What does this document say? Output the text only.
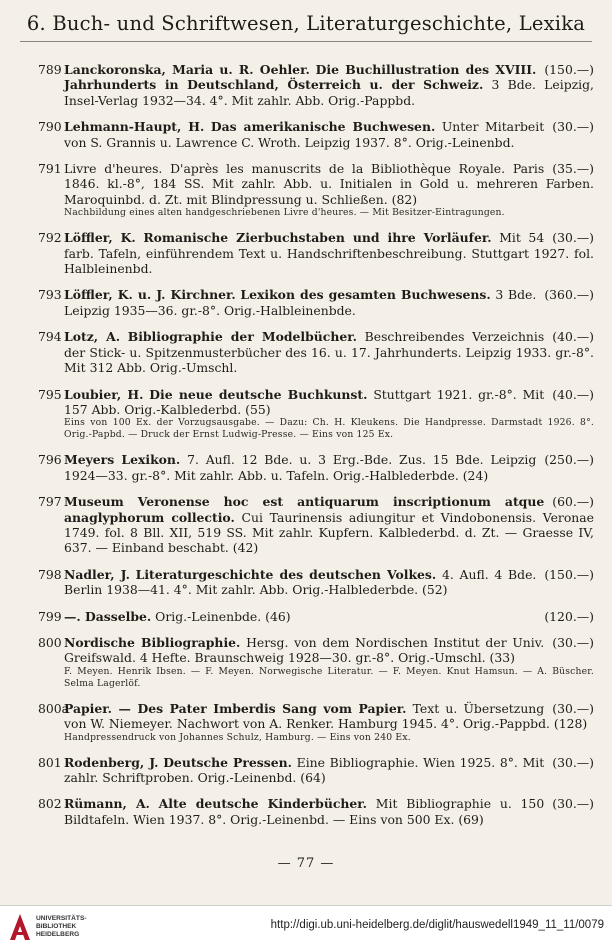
6. Buch- und Schriftwesen, Literaturgeschichte, Lexika
789	(150.—)
Lanckoronska, Maria u. R. Oehler. Die Buchillustration des XVIII. Jahrhunderts in Deutschland, Österreich u. der Schweiz. 3 Bde. Leipzig, Insel-Verlag 1932—34. 4°. Mit zahlr. Abb. Orig.-Pappbd.
790	(30.—)
Lehmann-Haupt, H. Das amerikanische Buchwesen. Unter Mitarbeit von S. Grannis u. Lawrence C. Wroth. Leipzig 1937. 8°. Orig.-Leinenbd.
791	(35.—)
Livre d'heures. D'après les manuscrits de la Bibliothèque Royale. Paris 1846. kl.-8°, 184 SS. Mit zahlr. Abb. u. Initialen in Gold u. mehreren Farben. Maroquinbd. d. Zt. mit Blindpressung u. Schließen. (82)
Nachbildung eines alten handgeschriebenen Livre d'heures. — Mit Besitzer-Eintragungen.
792	(30.—)
Löffler, K. Romanische Zierbuchstaben und ihre Vorläufer. Mit 54 farb. Tafeln, einführendem Text u. Handschriftenbeschreibung. Stuttgart 1927. fol. Halbleinenbd.
793	(360.—)
Löffler, K. u. J. Kirchner. Lexikon des gesamten Buchwesens. 3 Bde. Leipzig 1935—36. gr.-8°. Orig.-Halbleinenbde.
794	(40.—)
Lotz, A. Bibliographie der Modelbücher. Beschreibendes Verzeichnis der Stick- u. Spitzenmusterbücher des 16. u. 17. Jahrhunderts. Leipzig 1933. gr.-8°. Mit 312 Abb. Orig.-Umschl.
795	(40.—)
Loubier, H. Die neue deutsche Buchkunst. Stuttgart 1921. gr.-8°. Mit 157 Abb. Orig.-Kalblederbd. (55)
Eins von 100 Ex. der Vorzugsausgabe. — Dazu: Ch. H. Kleukens. Die Handpresse. Darmstadt 1926. 8°. Orig.-Papbd. — Druck der Ernst Ludwig-Presse. — Eins von 125 Ex.
796	(250.—)
Meyers Lexikon. 7. Aufl. 12 Bde. u. 3 Erg.-Bde. Zus. 15 Bde. Leipzig 1924—33. gr.-8°. Mit zahlr. Abb. u. Tafeln. Orig.-Halblederbde. (24)
797	(60.—)
Museum Veronense hoc est antiquarum inscriptionum atque anaglyphorum collectio. Cui Taurinensis adiungitur et Vindobonensis. Veronae 1749. fol. 8 Bll. XII, 519 SS. Mit zahlr. Kupfern. Kalblederbd. d. Zt. — Graesse IV, 637. — Einband beschabt. (42)
798	(150.—)
Nadler, J. Literaturgeschichte des deutschen Volkes. 4. Aufl. 4 Bde. Berlin 1938—41. 4°. Mit zahlr. Abb. Orig.-Halblederbde. (52)
799	(120.—)
—. Dasselbe. Orig.-Leinenbde. (46)
800	(30.—)
Nordische Bibliographie. Hersg. von dem Nordischen Institut der Univ. Greifswald. 4 Hefte. Braunschweig 1928—30. gr.-8°. Orig.-Umschl. (33)
F. Meyen. Henrik Ibsen. — F. Meyen. Norwegische Literatur. — F. Meyen. Knut Hamsun. — A. Büscher. Selma Lagerlöf.
800a	(30.—)
Papier. — Des Pater Imberdis Sang vom Papier. Text u. Übersetzung von W. Niemeyer. Nachwort von A. Renker. Hamburg 1945. 4°. Orig.-Pappbd. (128)
Handpressendruck von Johannes Schulz, Hamburg. — Eins von 240 Ex.
801	(30.—)
Rodenberg, J. Deutsche Pressen. Eine Bibliographie. Wien 1925. 8°. Mit zahlr. Schriftproben. Orig.-Leinenbd. (64)
802	(30.—)
Rümann, A. Alte deutsche Kinderbücher. Mit Bibliographie u. 150 Bildtafeln. Wien 1937. 8°. Orig.-Leinenbd. — Eins von 500 Ex. (69)
— 77 —
UNIVERSITÄTS-
BIBLIOTHEK
HEIDELBERG
http://digi.ub.uni-heidelberg.de/diglit/hauswedell1949_11_11/0079
